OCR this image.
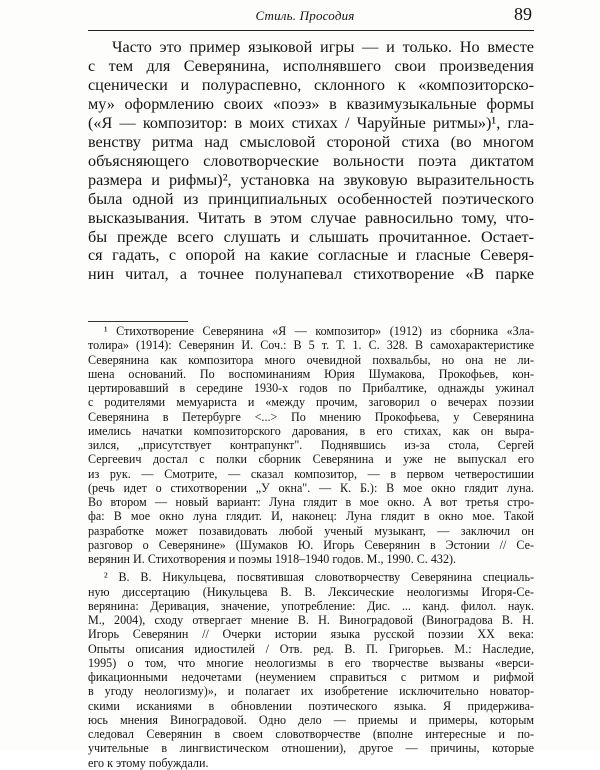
Стиль. Просодия	89
Часто это пример языковой игры — и только. Но вместе
с тем для Северянина, исполнявшего свои произведения
сценически и полураспевно, склонного к «композиторско-
му» оформлению своих «поэз» в квазимузыкальные формы
(«Я — композитор: в моих стихах / Чаруйные ритмы»)¹, гла-
венству ритма над смысловой стороной стиха (во многом
объясняющего словотворческие вольности поэта диктатом
размера и рифмы)², установка на звуковую выразительность
была одной из принципиальных особенностей поэтического
высказывания. Читать в этом случае равносильно тому, что-
бы прежде всего слушать и слышать прочитанное. Остает-
ся гадать, с опорой на какие согласные и гласные Северя-
нин читал, а точнее полунапевал стихотворение «В парке
¹ Стихотворение Северянина «Я — композитор» (1912) из сборника «Зла-
толира» (1914): Северянин И. Соч.: В 5 т. Т. 1. С. 328. В самохарактеристике
Северянина как композитора много очевидной похвальбы, но она не ли-
шена оснований. По воспоминаниям Юрия Шумакова, Прокофьев, кон-
цертировавший в середине 1930-х годов по Прибалтике, однажды ужинал
с родителями мемуариста и «между прочим, заговорил о вечерах поэзии
Северянина в Петербурге <...> По мнению Прокофьева, у Северянина
имелись начатки композиторского дарования, в его стихах, как он выра-
зился, „присутствует контрапункт". Поднявшись из-за стола, Сергей
Сергеевич достал с полки сборник Северянина и уже не выпускал его
из рук. — Смотрите, — сказал композитор, — в первом четверостишии
(речь идет о стихотворении „У окна". — К. Б.): В мое окно глядит луна.
Во втором — новый вариант: Луна глядит в мое окно. А вот третья стро-
фа: В мое окно луна глядит. И, наконец: Луна глядит в окно мое. Такой
разработке может позавидовать любой ученый музыкант, — заключил он
разговор о Северянине» (Шумаков Ю. Игорь Северянин в Эстонии // Се-
верянин И. Стихотворения и поэмы 1918–1940 годов. М., 1990. С. 432).
² В. В. Никульцева, посвятившая словотворчеству Северянина специаль-
ную диссертацию (Никульцева В. В. Лексические неологизмы Игоря-Се-
верянина: Деривация, значение, употребление: Дис. ... канд. филол. наук.
М., 2004), сходу отвергает мнение В. Н. Виноградовой (Виноградова В. Н.
Игорь Северянин // Очерки истории языка русской поэзии XX века:
Опыты описания идиостилей / Отв. ред. В. П. Григорьев. М.: Наследие,
1995) о том, что многие неологизмы в его творчестве вызваны «верси-
фикационными недочетами (неумением справиться с ритмом и рифмой
в угоду неологизму)», и полагает их изобретение исключительно новатор-
скими исканиями в обновлении поэтического языка. Я придержива-
юсь мнения Виноградовой. Одно дело — приемы и примеры, которым
следовал Северянин в своем словотворчестве (вполне интересные и по-
учительные в лингвистическом отношении), другое — причины, которые
его к этому побуждали.
